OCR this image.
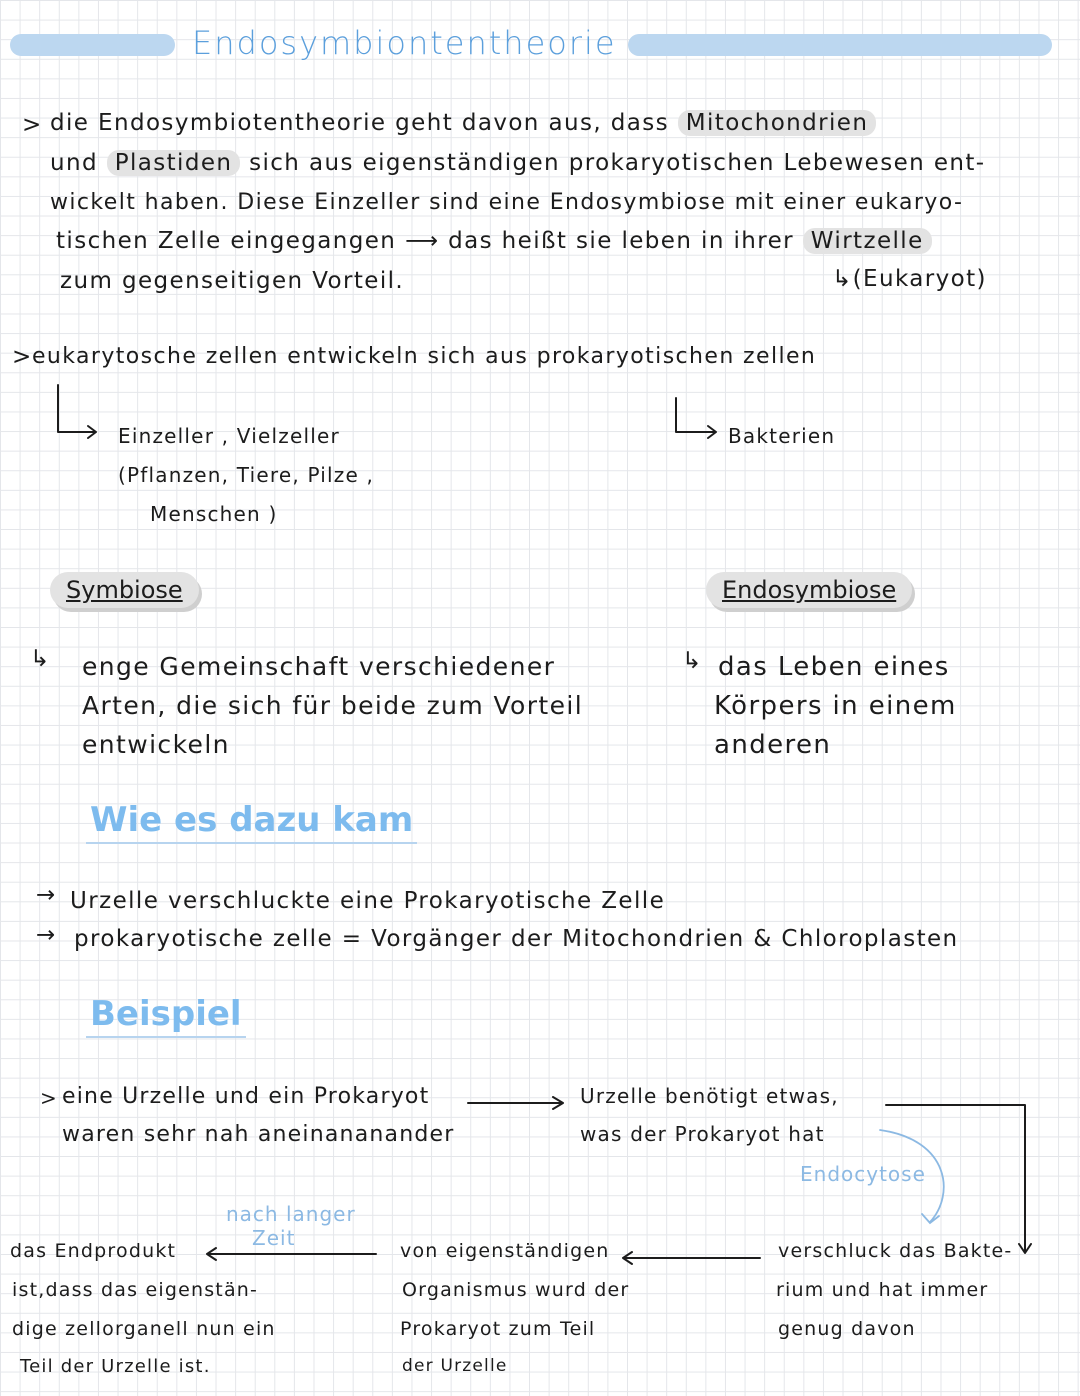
Endosymbiontentheorie
> die Endosymbiotentheorie geht davon aus, dass Mitochondrien
und Plastiden sich aus eigenständigen prokaryotischen Lebewesen ent-
wickelt haben. Diese Einzeller sind eine Endosymbiose mit einer eukaryo-
tischen Zelle eingegangen ⟶ das heißt sie leben in ihrer Wirtzelle
zum gegenseitigen Vorteil.	↳(Eukaryot)
> eukarytosche zellen entwickeln sich aus prokaryotischen zellen
Einzeller , Vielzeller
(Pflanzen, Tiere, Pilze ,
Menschen )
Bakterien
Symbiose	Endosymbiose
↳ enge Gemeinschaft verschiedener
Arten, die sich für beide zum Vorteil
entwickeln
↳ das Leben eines
Körpers in einem
anderen
Wie es dazu kam
→ Urzelle verschluckte eine Prokaryotische Zelle
→ prokaryotische zelle = Vorgänger der Mitochondrien & Chloroplasten
Beispiel
> eine Urzelle und ein Prokaryot
waren sehr nah aneinananander
Urzelle benötigt etwas,
was der Prokaryot hat
Endocytose
verschluck das Bakte-
rium und hat immer
genug davon
von eigenständigen
Organismus wurd der
Prokaryot zum Teil
der Urzelle
nach langer
Zeit
das Endprodukt
ist,dass das eigenstän-
dige zellorganell nun ein
Teil der Urzelle ist.
